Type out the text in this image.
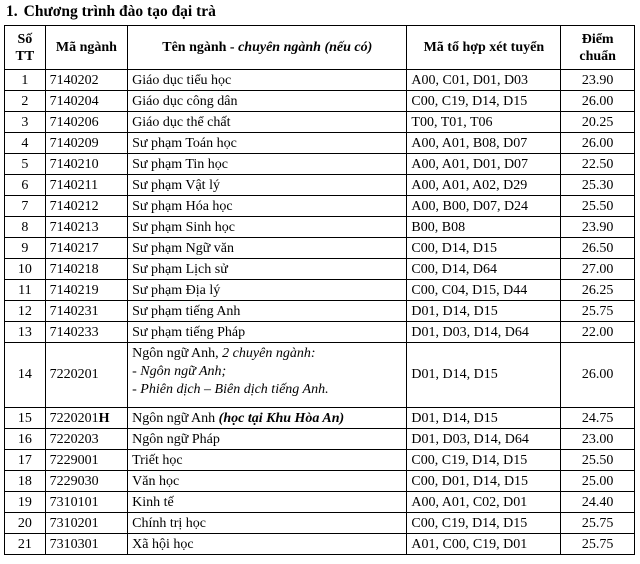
1. Chương trình đào tạo đại trà
Số
TT	Mã ngành	Tên ngành - chuyên ngành (nếu có)	Mã tổ hợp xét tuyển	Điểm
chuẩn
1	7140202	Giáo dục tiểu học	A00, C01, D01, D03	23.90
2	7140204	Giáo dục công dân	C00, C19, D14, D15	26.00
3	7140206	Giáo dục thể chất	T00, T01, T06	20.25
4	7140209	Sư phạm Toán học	A00, A01, B08, D07	26.00
5	7140210	Sư phạm Tin học	A00, A01, D01, D07	22.50
6	7140211	Sư phạm Vật lý	A00, A01, A02, D29	25.30
7	7140212	Sư phạm Hóa học	A00, B00, D07, D24	25.50
8	7140213	Sư phạm Sinh học	B00, B08	23.90
9	7140217	Sư phạm Ngữ văn	C00, D14, D15	26.50
10	7140218	Sư phạm Lịch sử	C00, D14, D64	27.00
11	7140219	Sư phạm Địa lý	C00, C04, D15, D44	26.25
12	7140231	Sư phạm tiếng Anh	D01, D14, D15	25.75
13	7140233	Sư phạm tiếng Pháp	D01, D03, D14, D64	22.00
14	7220201	Ngôn ngữ Anh, 2 chuyên ngành:
- Ngôn ngữ Anh;
- Phiên dịch – Biên dịch tiếng Anh.	D01, D14, D15	26.00
15	7220201H	Ngôn ngữ Anh (học tại Khu Hòa An)	D01, D14, D15	24.75
16	7220203	Ngôn ngữ Pháp	D01, D03, D14, D64	23.00
17	7229001	Triết học	C00, C19, D14, D15	25.50
18	7229030	Văn học	C00, D01, D14, D15	25.00
19	7310101	Kinh tế	A00, A01, C02, D01	24.40
20	7310201	Chính trị học	C00, C19, D14, D15	25.75
21	7310301	Xã hội học	A01, C00, C19, D01	25.75
